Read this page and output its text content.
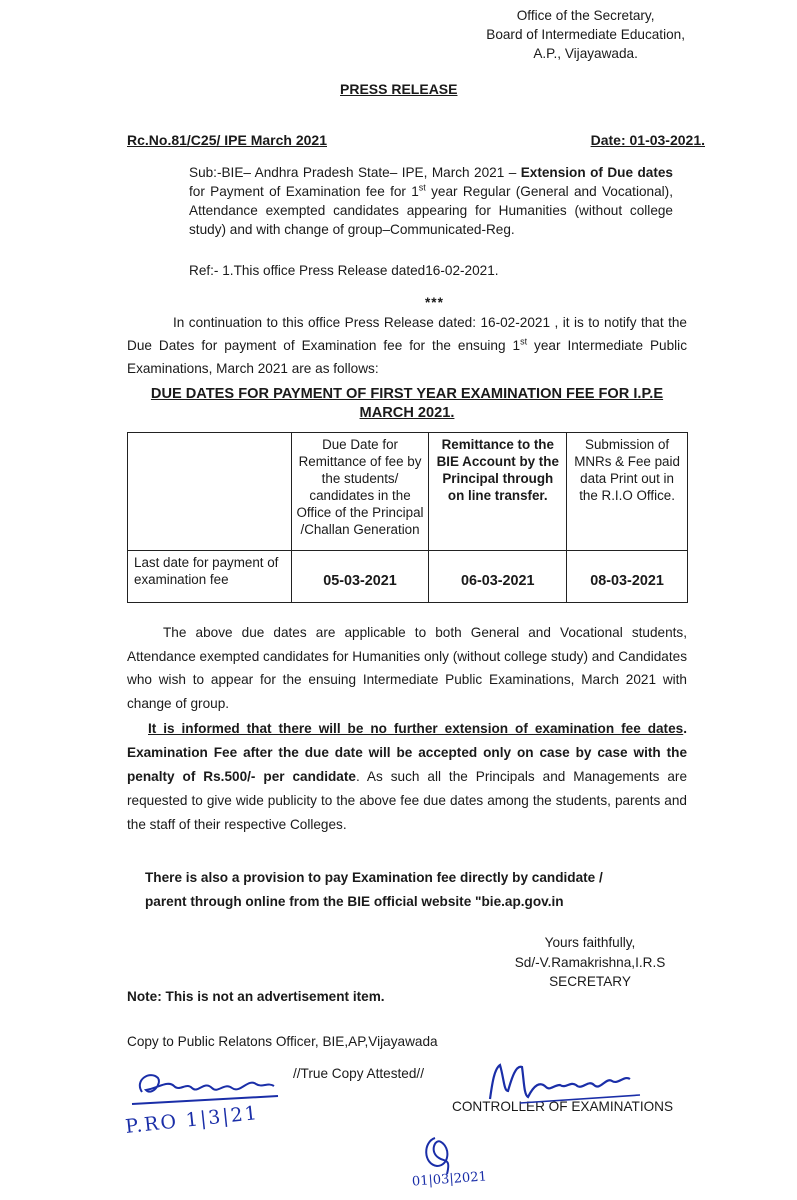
Office of the Secretary,
Board of Intermediate Education,
A.P., Vijayawada.
PRESS RELEASE
Rc.No.81/C25/ IPE March 2021	Date: 01-03-2021.
Sub:-BIE– Andhra Pradesh State– IPE, March 2021 – Extension of Due dates for Payment of Examination fee for 1st year Regular (General and Vocational), Attendance exempted candidates appearing for Humanities (without college study) and with change of group–Communicated-Reg.
Ref:- 1.This office Press Release dated16-02-2021.
***
In continuation to this office Press Release dated: 16-02-2021 , it is to notify that the Due Dates for payment of Examination fee for the ensuing 1st year Intermediate Public Examinations, March 2021 are as follows:
DUE DATES FOR PAYMENT OF FIRST YEAR EXAMINATION FEE FOR I.P.E MARCH 2021.
	Due Date for Remittance of fee by the students/ candidates in the Office of the Principal /Challan Generation	Remittance to the BIE Account by the Principal through on line transfer.	Submission of MNRs & Fee paid data Print out in the R.I.O Office.
Last date for payment of examination fee	05-03-2021	06-03-2021	08-03-2021
The above due dates are applicable to both General and Vocational students, Attendance exempted candidates for Humanities only (without college study) and Candidates who wish to appear for the ensuing Intermediate Public Examinations, March 2021 with change of group.
It is informed that there will be no further extension of examination fee dates. Examination Fee after the due date will be accepted only on case by case with the penalty of Rs.500/- per candidate. As such all the Principals and Managements are requested to give wide publicity to the above fee due dates among the students, parents and the staff of their respective Colleges.
There is also a provision to pay Examination fee directly by candidate / parent through online from the BIE official website "bie.ap.gov.in
Yours faithfully,
Sd/-V.Ramakrishna,I.R.S
SECRETARY
Note: This is not an advertisement item.
Copy to Public Relatons Officer, BIE,AP,Vijayawada
//True Copy Attested//
CONTROLLER OF EXAMINATIONS
P.RO 1|3|21
01|03|2021
